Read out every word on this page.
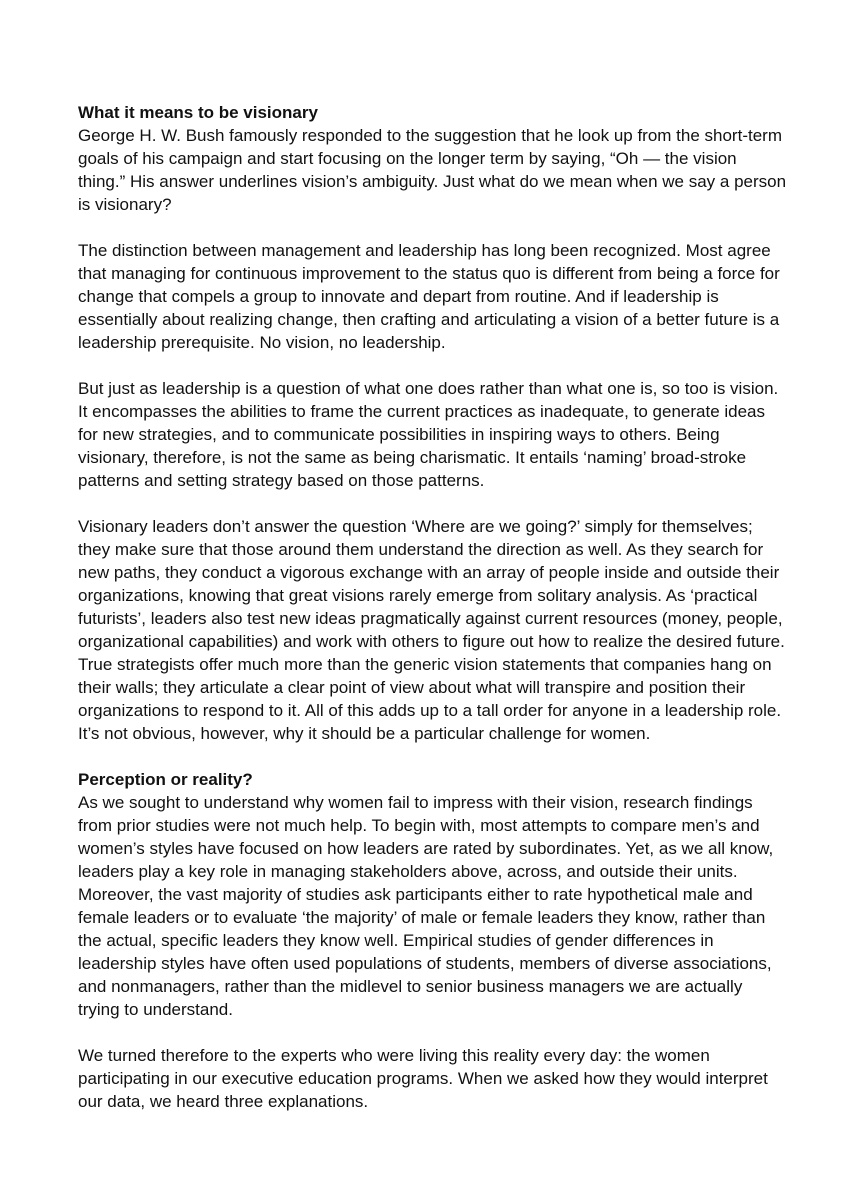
What it means to be visionary

George H. W. Bush famously responded to the suggestion that he look up from the short-term goals of his campaign and start focusing on the longer term by saying, “Oh — the vision thing.” His answer underlines vision’s ambiguity. Just what do we mean when we say a person is visionary?

The distinction between management and leadership has long been recognized. Most agree that managing for continuous improvement to the status quo is different from being a force for change that compels a group to innovate and depart from routine. And if leadership is essentially about realizing change, then crafting and articulating a vision of a better future is a leadership prerequisite. No vision, no leadership.

But just as leadership is a question of what one does rather than what one is, so too is vision. It encompasses the abilities to frame the current practices as inadequate, to generate ideas for new strategies, and to communicate possibilities in inspiring ways to others. Being visionary, therefore, is not the same as being charismatic. It entails ‘naming’ broad-stroke patterns and setting strategy based on those patterns.

Visionary leaders don’t answer the question ‘Where are we going?’ simply for themselves; they make sure that those around them understand the direction as well. As they search for new paths, they conduct a vigorous exchange with an array of people inside and outside their organizations, knowing that great visions rarely emerge from solitary analysis. As ‘practical futurists’, leaders also test new ideas pragmatically against current resources (money, people, organizational capabilities) and work with others to figure out how to realize the desired future. True strategists offer much more than the generic vision statements that companies hang on their walls; they articulate a clear point of view about what will transpire and position their organizations to respond to it. All of this adds up to a tall order for anyone in a leadership role. It’s not obvious, however, why it should be a particular challenge for women.

Perception or reality?

As we sought to understand why women fail to impress with their vision, research findings from prior studies were not much help. To begin with, most attempts to compare men’s and women’s styles have focused on how leaders are rated by subordinates. Yet, as we all know, leaders play a key role in managing stakeholders above, across, and outside their units. Moreover, the vast majority of studies ask participants either to rate hypothetical male and female leaders or to evaluate ‘the majority’ of male or female leaders they know, rather than the actual, specific leaders they know well. Empirical studies of gender differences in leadership styles have often used populations of students, members of diverse associations, and nonmanagers, rather than the midlevel to senior business managers we are actually trying to understand.

We turned therefore to the experts who were living this reality every day: the women participating in our executive education programs. When we asked how they would interpret our data, we heard three explanations.
